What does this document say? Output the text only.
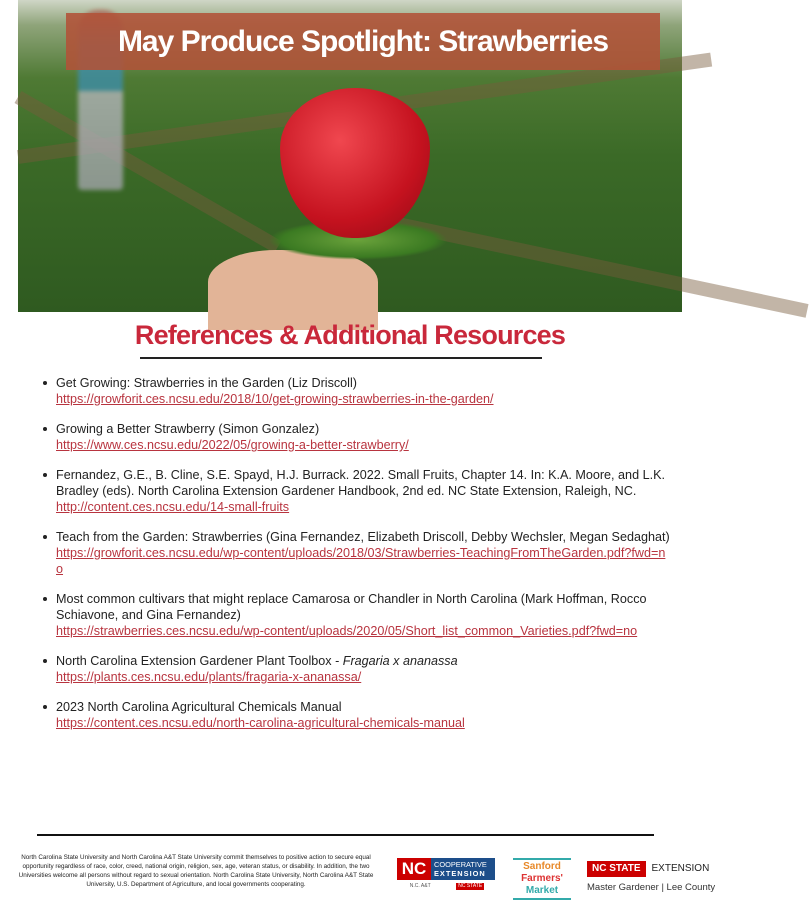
May Produce Spotlight: Strawberries
References & Additional Resources
Get Growing: Strawberries in the Garden (Liz Driscoll)
https://growforit.ces.ncsu.edu/2018/10/get-growing-strawberries-in-the-garden/
Growing a Better Strawberry (Simon Gonzalez)
https://www.ces.ncsu.edu/2022/05/growing-a-better-strawberry/
Fernandez, G.E., B. Cline, S.E. Spayd, H.J. Burrack. 2022. Small Fruits, Chapter 14. In: K.A. Moore, and L.K. Bradley (eds). North Carolina Extension Gardener Handbook, 2nd ed. NC State Extension, Raleigh, NC.
http://content.ces.ncsu.edu/14-small-fruits
Teach from the Garden: Strawberries (Gina Fernandez, Elizabeth Driscoll, Debby Wechsler, Megan Sedaghat)
https://growforit.ces.ncsu.edu/wp-content/uploads/2018/03/Strawberries-TeachingFromTheGarden.pdf?fwd=no
Most common cultivars that might replace Camarosa or Chandler in North Carolina (Mark Hoffman, Rocco Schiavone, and Gina Fernandez)
https://strawberries.ces.ncsu.edu/wp-content/uploads/2020/05/Short_list_common_Varieties.pdf?fwd=no
North Carolina Extension Gardener Plant Toolbox - Fragaria x ananassa
https://plants.ces.ncsu.edu/plants/fragaria-x-ananassa/
2023 North Carolina Agricultural Chemicals Manual
https://content.ces.ncsu.edu/north-carolina-agricultural-chemicals-manual
North Carolina State University and North Carolina A&T State University commit themselves to positive action to secure equal opportunity regardless of race, color, creed, national origin, religion, sex, age, veteran status, or disability. In addition, the two Universities welcome all persons without regard to sexual orientation. North Carolina State University, North Carolina A&T State University, U.S. Department of Agriculture, and local governments cooperating.
NC	COOPERATIVE
EXTENSION
N.C. A&T	NC STATE
Sanford
Farmers'
Market
NC STATE	EXTENSION
Master Gardener | Lee County
